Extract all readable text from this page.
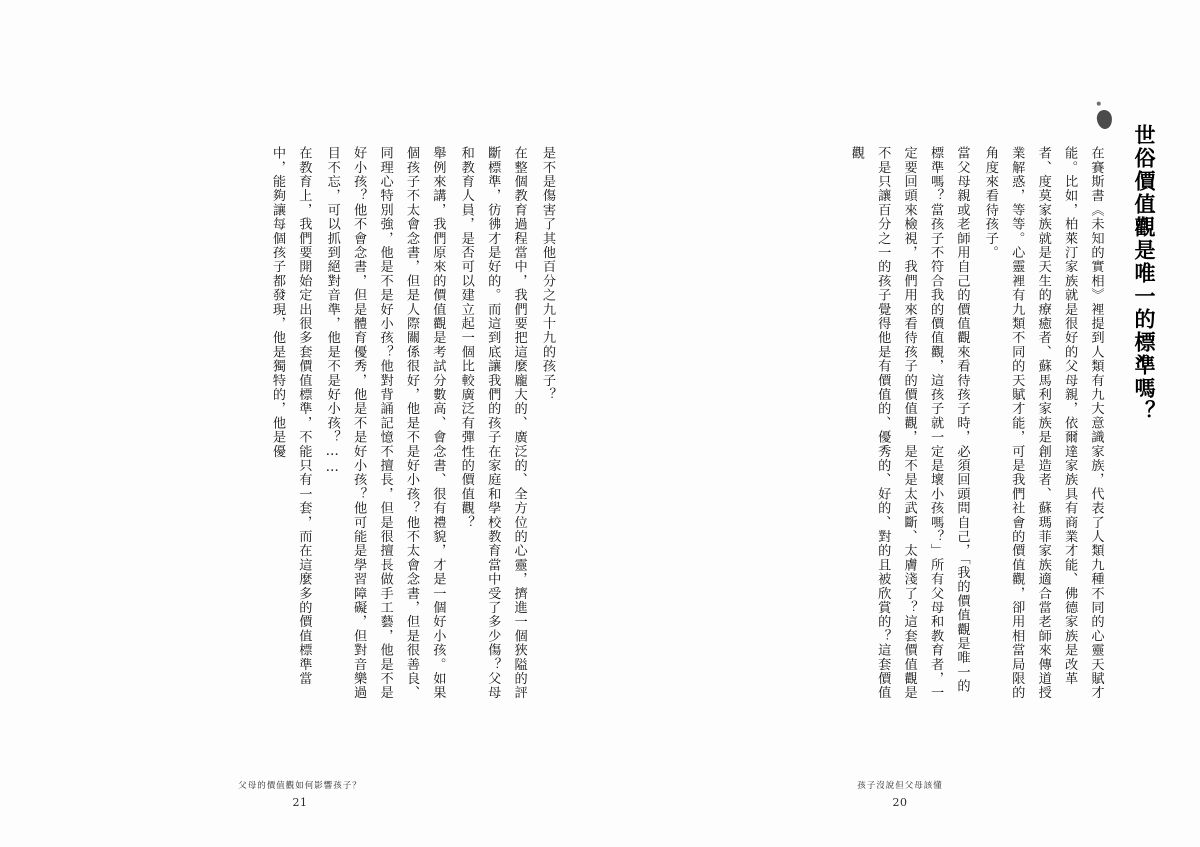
是不是傷害了其他百分之九十九的孩子？
在整個教育過程當中，我們要把這麼龐大的、廣泛的、全方位的心靈，擠進一個狹隘的評斷標準，彷彿才是好的。而這到底讓我們的孩子在家庭和學校教育當中受了多少傷？父母和教育人員，是否可以建立起一個比較廣泛有彈性的價值觀？
舉例來講，我們原來的價值觀是考試分數高、會念書、很有禮貌，才是一個好小孩。如果個孩子不太會念書，但是人際關係很好，他是不是好小孩？他不太會念書，但是很善良、同理心特別強，他是不是好小孩？他對背誦記憶不擅長，但是很擅長做手工藝，他是不是好小孩？他不會念書，但是體育優秀，他是不是好小孩？他可能是學習障礙，但對音樂過目不忘，可以抓到絕對音準，他是不是好小孩？……
在教育上，我們要開始定出很多套價值標準，不能只有一套，而在這麼多的價值標準當中，能夠讓每個孩子都發現，他是獨特的，他是優
父母的價值觀如何影響孩子？
21
世俗價值觀是唯一的標準嗎？
在賽斯書《未知的實相》裡提到人類有九大意識家族，代表了人類九種不同的心靈天賦才能。比如，柏萊汀家族就是很好的父母親，依爾達家族具有商業才能、佛德家族是改革者、度莫家族就是天生的療癒者、蘇馬利家族是創造者、蘇瑪菲家族適合當老師來傳道授業解惑，等等。心靈裡有九類不同的天賦才能，可是我們社會的價值觀，卻用相當局限的角度來看待孩子。
當父母親或老師用自己的價值觀來看待孩子時，必須回頭問自己，「我的價值觀是唯一的標準嗎？當孩子不符合我的價值觀，這孩子就一定是壞小孩嗎？」所有父母和教育者，一定要回頭來檢視，我們用來看待孩子的價值觀，是不是太武斷、太膚淺了？這套價值觀是不是只讓百分之一的孩子覺得他是有價值的、優秀的、好的、對的且被欣賞的？這套價值觀
孩子沒說但父母該懂
20
